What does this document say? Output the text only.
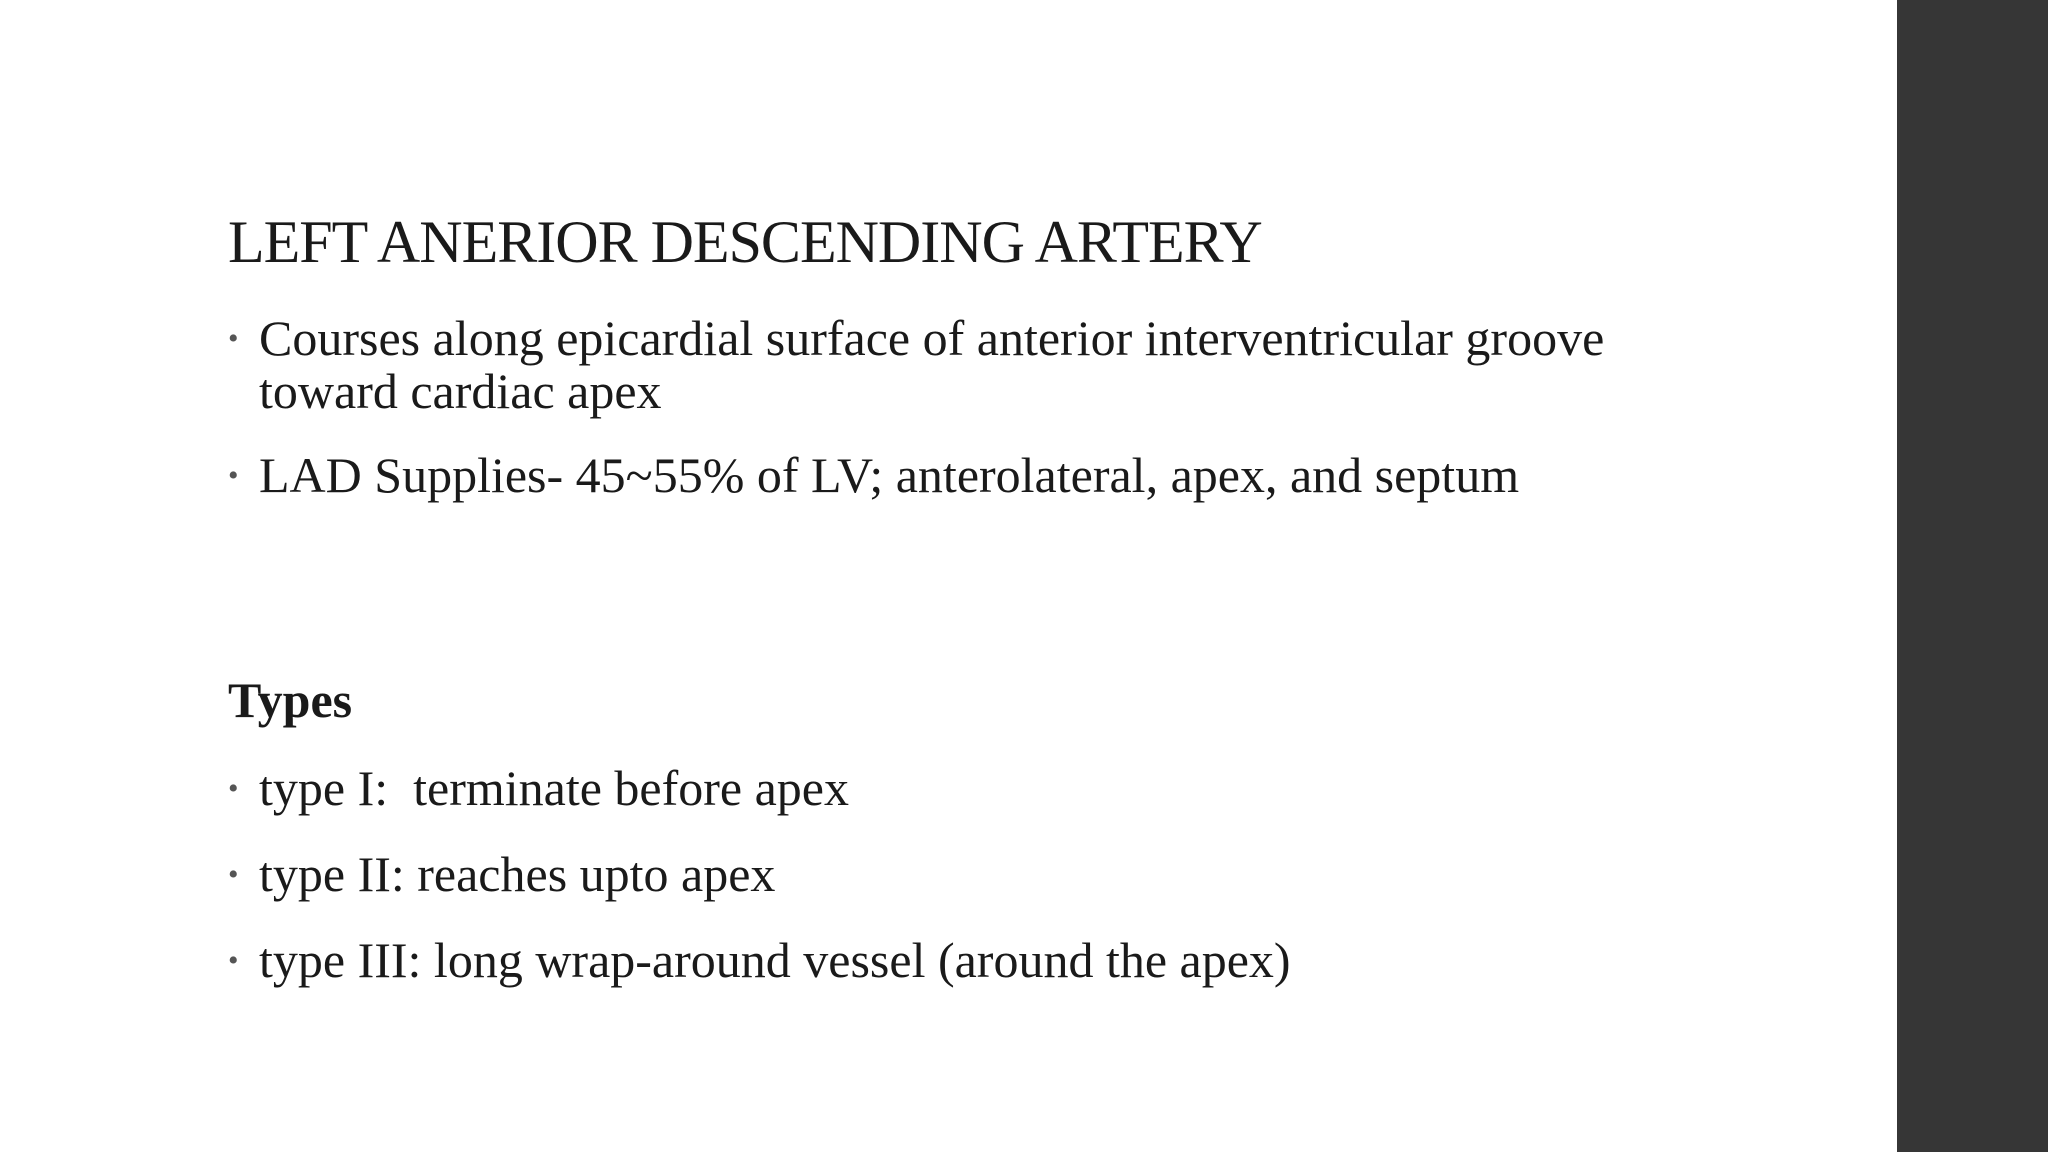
LEFT ANERIOR DESCENDING ARTERY
• Courses along epicardial surface of anterior interventricular groove toward cardiac apex
• LAD Supplies- 45~55% of LV; anterolateral, apex, and septum
Types
• type I:  terminate before apex
• type II: reaches upto apex
• type III: long wrap-around vessel (around the apex)
